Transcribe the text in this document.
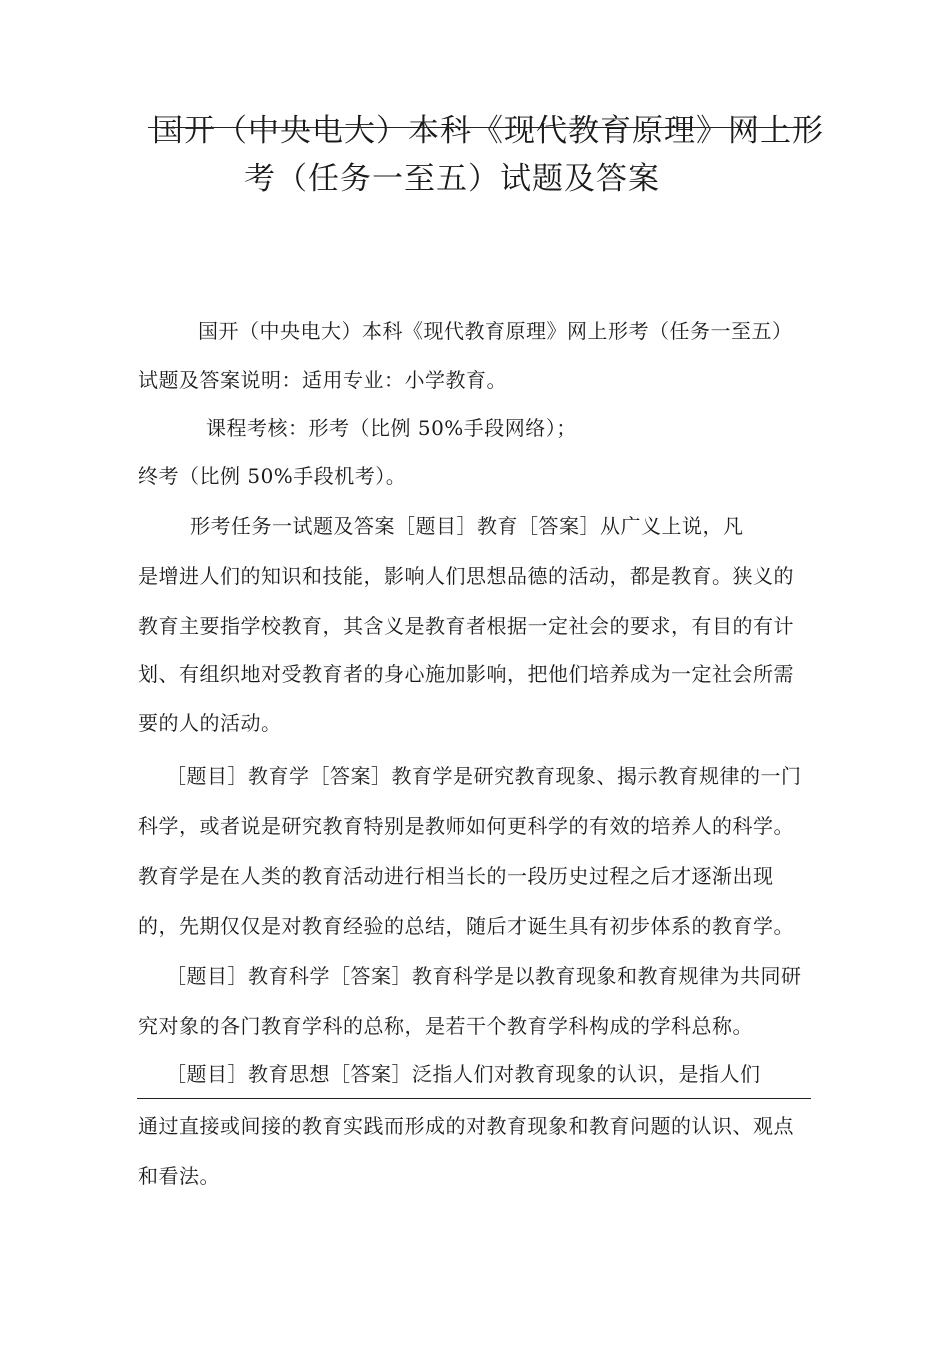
国开（中央电大）本科《现代教育原理》网上形
考（任务一至五）试题及答案
国开（中央电大）本科《现代教育原理》网上形考（任务一至五）
试题及答案说明：适用专业：小学教育。
课程考核：形考（比例 50%手段网络）；
终考（比例 50%手段机考）。
形考任务一试题及答案［题目］教育［答案］从广义上说，凡
是增进人们的知识和技能，影响人们思想品德的活动，都是教育。狭义的
教育主要指学校教育，其含义是教育者根据一定社会的要求，有目的有计
划、有组织地对受教育者的身心施加影响，把他们培养成为一定社会所需
要的人的活动。
［题目］教育学［答案］教育学是研究教育现象、揭示教育规律的一门
科学，或者说是研究教育特别是教师如何更科学的有效的培养人的科学。
教育学是在人类的教育活动进行相当长的一段历史过程之后才逐渐出现
的，先期仅仅是对教育经验的总结，随后才诞生具有初步体系的教育学。
［题目］教育科学［答案］教育科学是以教育现象和教育规律为共同研
究对象的各门教育学科的总称，是若干个教育学科构成的学科总称。
［题目］教育思想［答案］泛指人们对教育现象的认识，是指人们
通过直接或间接的教育实践而形成的对教育现象和教育问题的认识、观点
和看法。
